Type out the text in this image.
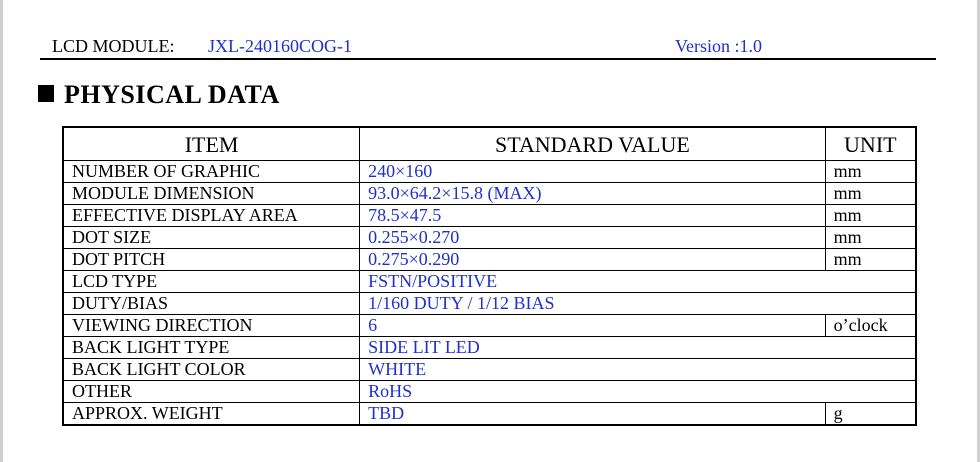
LCD MODULE: JXL-240160COG-1	Version :1.0
PHYSICAL DATA
ITEM	STANDARD VALUE	UNIT
NUMBER OF GRAPHIC	240×160	mm
MODULE DIMENSION	93.0×64.2×15.8 (MAX)	mm
EFFECTIVE DISPLAY AREA	78.5×47.5	mm
DOT SIZE	0.255×0.270	mm
DOT PITCH	0.275×0.290	mm
LCD TYPE	FSTN/POSITIVE	
DUTY/BIAS	1/160 DUTY / 1/12 BIAS	
VIEWING DIRECTION	6	o’clock
BACK LIGHT TYPE	SIDE LIT LED	
BACK LIGHT COLOR	WHITE	
OTHER	RoHS	
APPROX. WEIGHT	TBD	g
